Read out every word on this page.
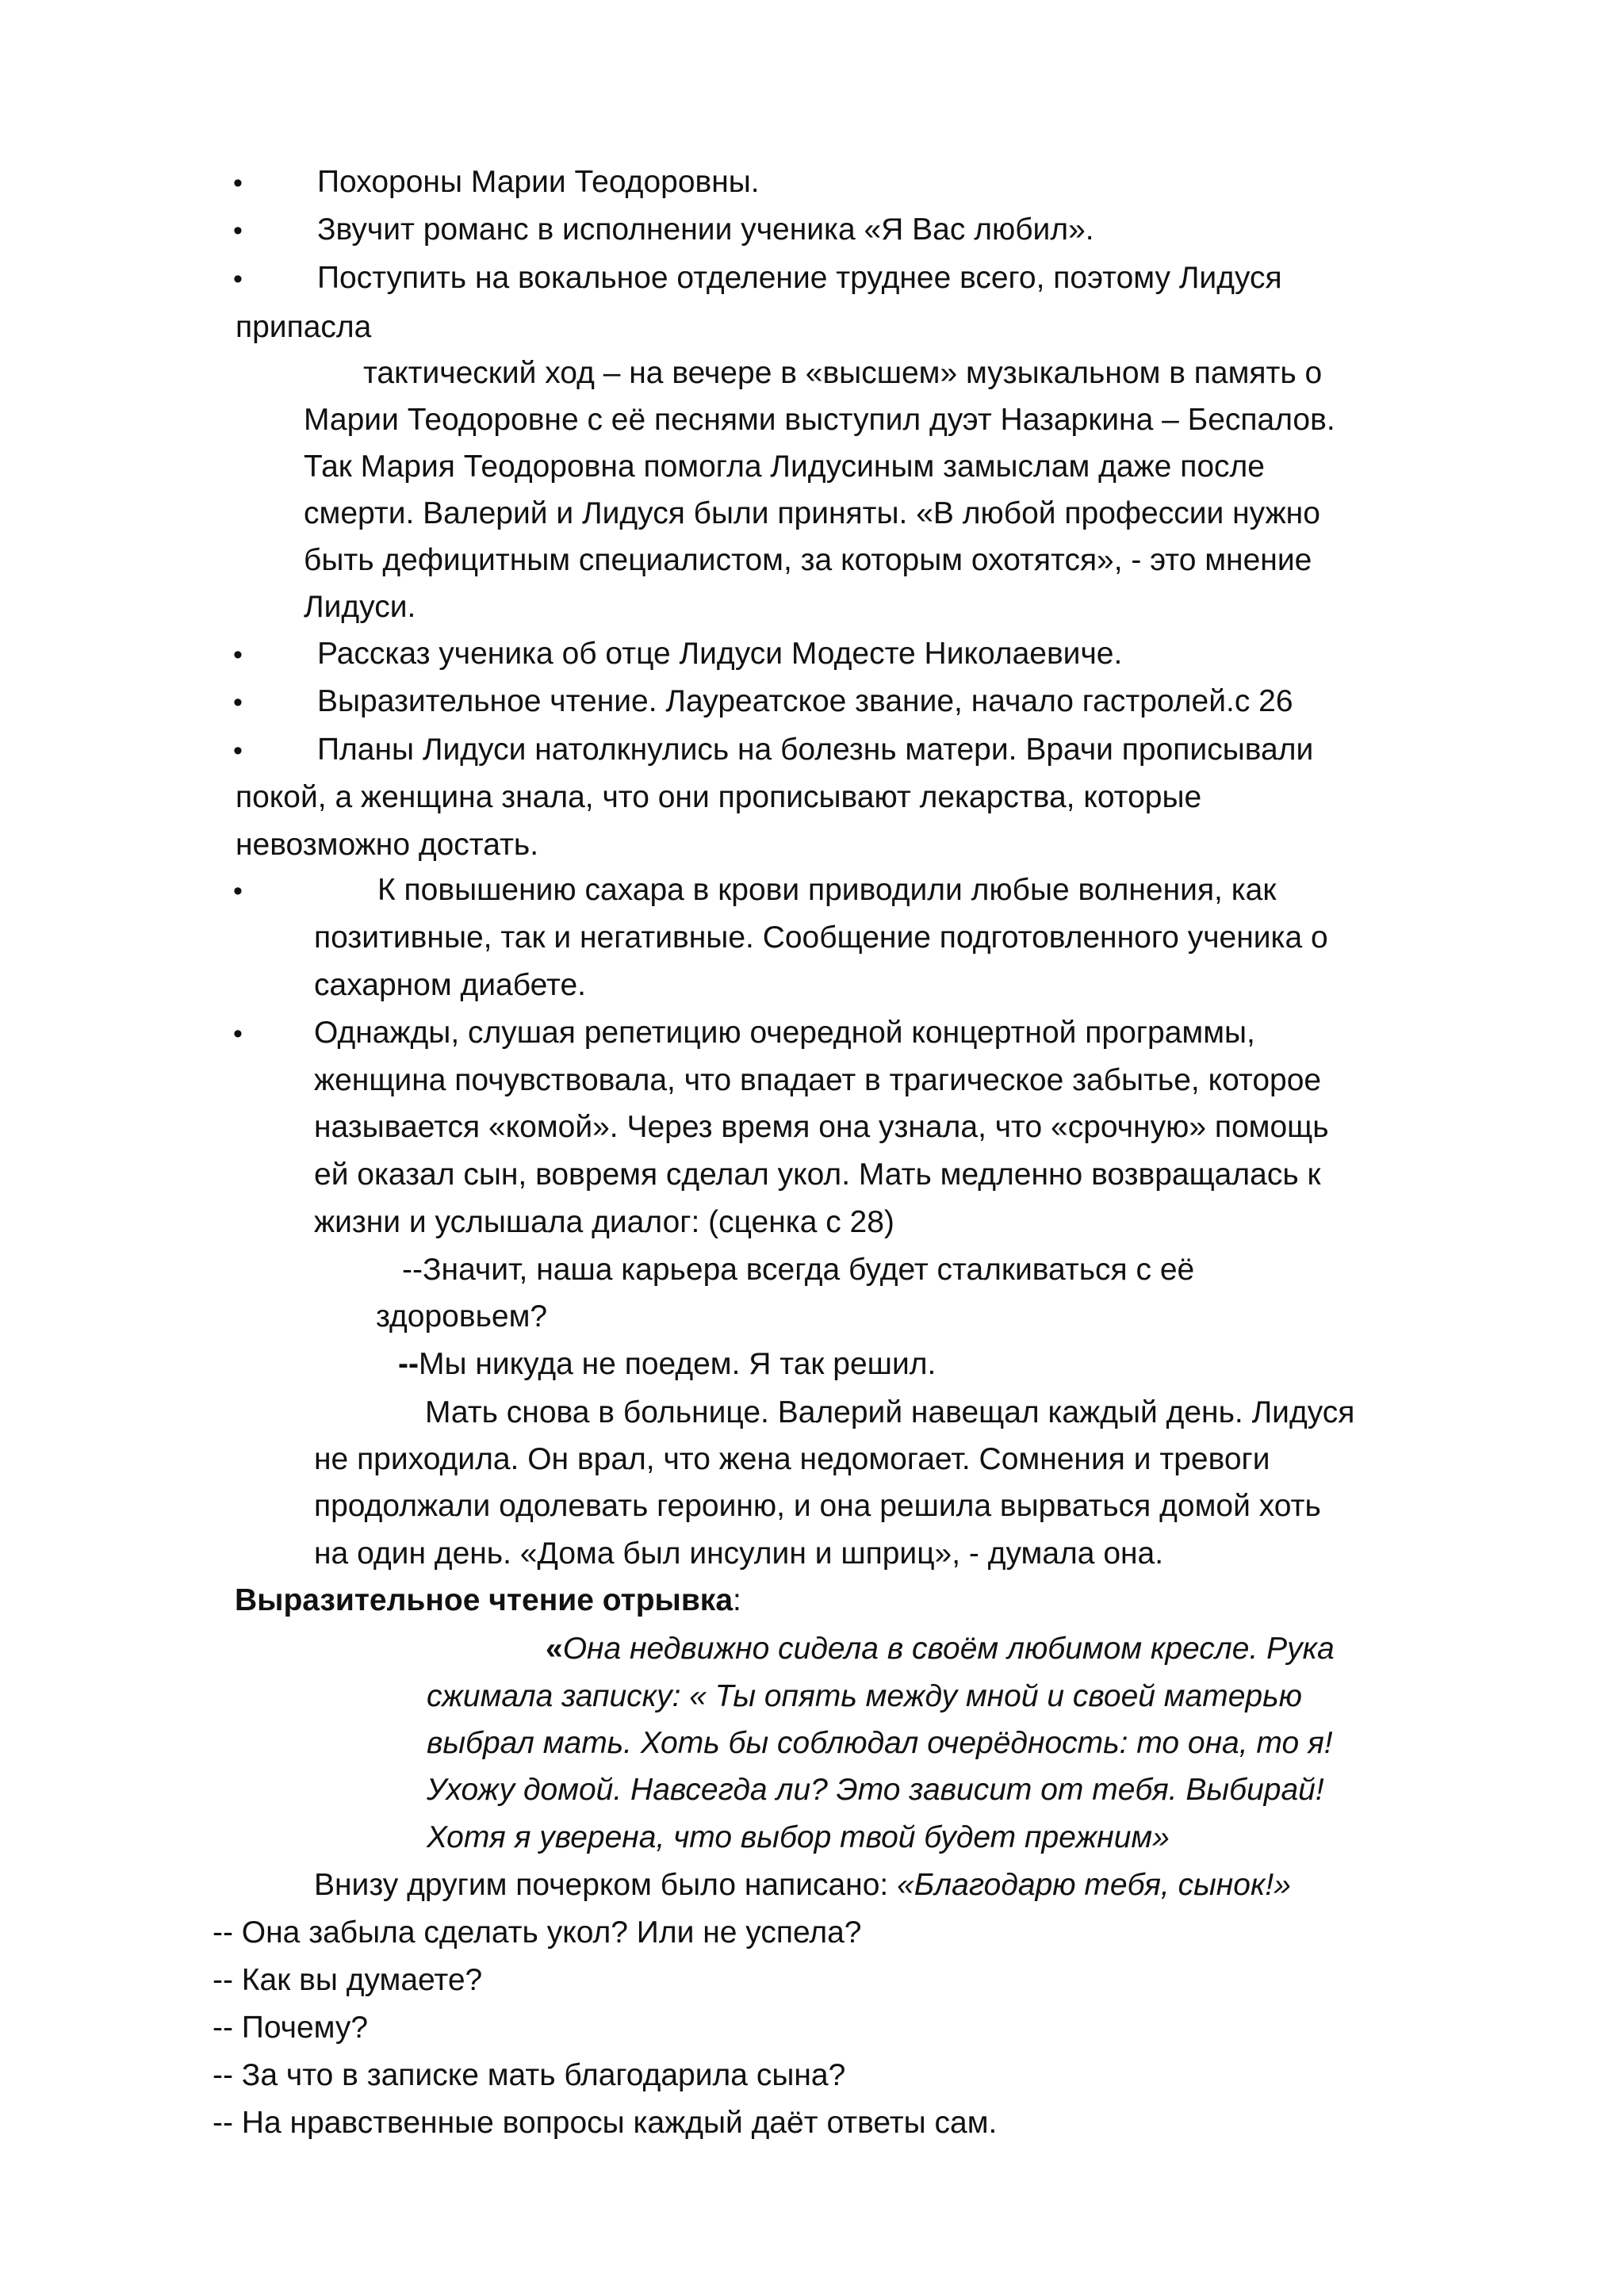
• Похороны Марии Теодоровны.
• Звучит романс в исполнении ученика «Я Вас любил».
• Поступить на вокальное отделение труднее всего, поэтому Лидуся
припасла
тактический ход – на вечере в «высшем» музыкальном в память о
Марии Теодоровне с её песнями выступил дуэт Назаркина – Беспалов.
Так Мария Теодоровна помогла Лидусиным замыслам даже после
смерти. Валерий и Лидуся были приняты. «В любой профессии нужно
быть дефицитным специалистом, за которым охотятся», - это мнение
Лидуси.
• Рассказ ученика об отце Лидуси Модесте Николаевиче.
• Выразительное чтение. Лауреатское звание, начало гастролей.с 26
• Планы Лидуси натолкнулись на болезнь матери. Врачи прописывали
покой, а женщина знала, что они прописывают лекарства, которые
невозможно достать.
•	К повышению сахара в крови приводили любые волнения, как
позитивные, так и негативные. Сообщение подготовленного ученика о
сахарном диабете.
• Однажды, слушая репетицию очередной концертной программы,
женщина почувствовала, что впадает в трагическое забытье, которое
называется «комой». Через время она узнала, что «срочную» помощь
ей оказал сын, вовремя сделал укол. Мать медленно возвращалась к
жизни и услышала диалог: (сценка с 28)
--Значит, наша карьера всегда будет сталкиваться с её
здоровьем?
--Мы никуда не поедем. Я так решил.
Мать снова в больнице. Валерий навещал каждый день. Лидуся
не приходила. Он врал, что жена недомогает. Сомнения и тревоги
продолжали одолевать героиню, и она решила вырваться домой хоть
на один день. «Дома был инсулин и шприц», - думала она.
Выразительное чтение отрывка:
«Она недвижно сидела в своём любимом кресле. Рука
сжимала записку: « Ты опять между мной и своей матерью
выбрал мать. Хоть бы соблюдал очерёдность: то она, то я!
Ухожу домой. Навсегда ли? Это зависит от тебя. Выбирай!
Хотя я уверена, что выбор твой будет прежним»
Внизу другим почерком было написано: «Благодарю тебя, сынок!»
-- Она забыла сделать укол? Или не успела?
-- Как вы думаете?
-- Почему?
-- За что в записке мать благодарила сына?
-- На нравственные вопросы каждый даёт ответы сам.
